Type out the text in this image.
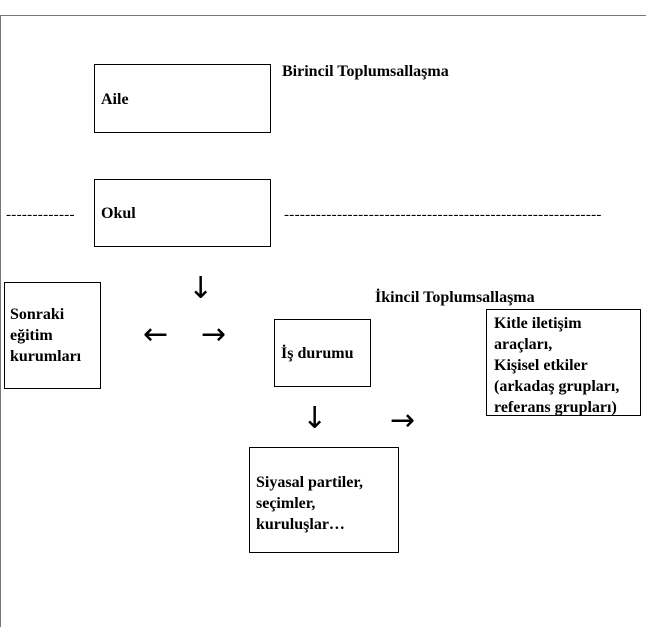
Birincil Toplumsallaşma
Aile
-------------	------------------------------------------------------------
Okul
↓	İkincil Toplumsallaşma
Sonraki
eğitim
kurumları
← →
İş durumu
Kitle iletişim
araçları,
Kişisel etkiler
(arkadaş grupları,
referans grupları)
↓ →
Siyasal partiler,
seçimler,
kuruluşlar…
